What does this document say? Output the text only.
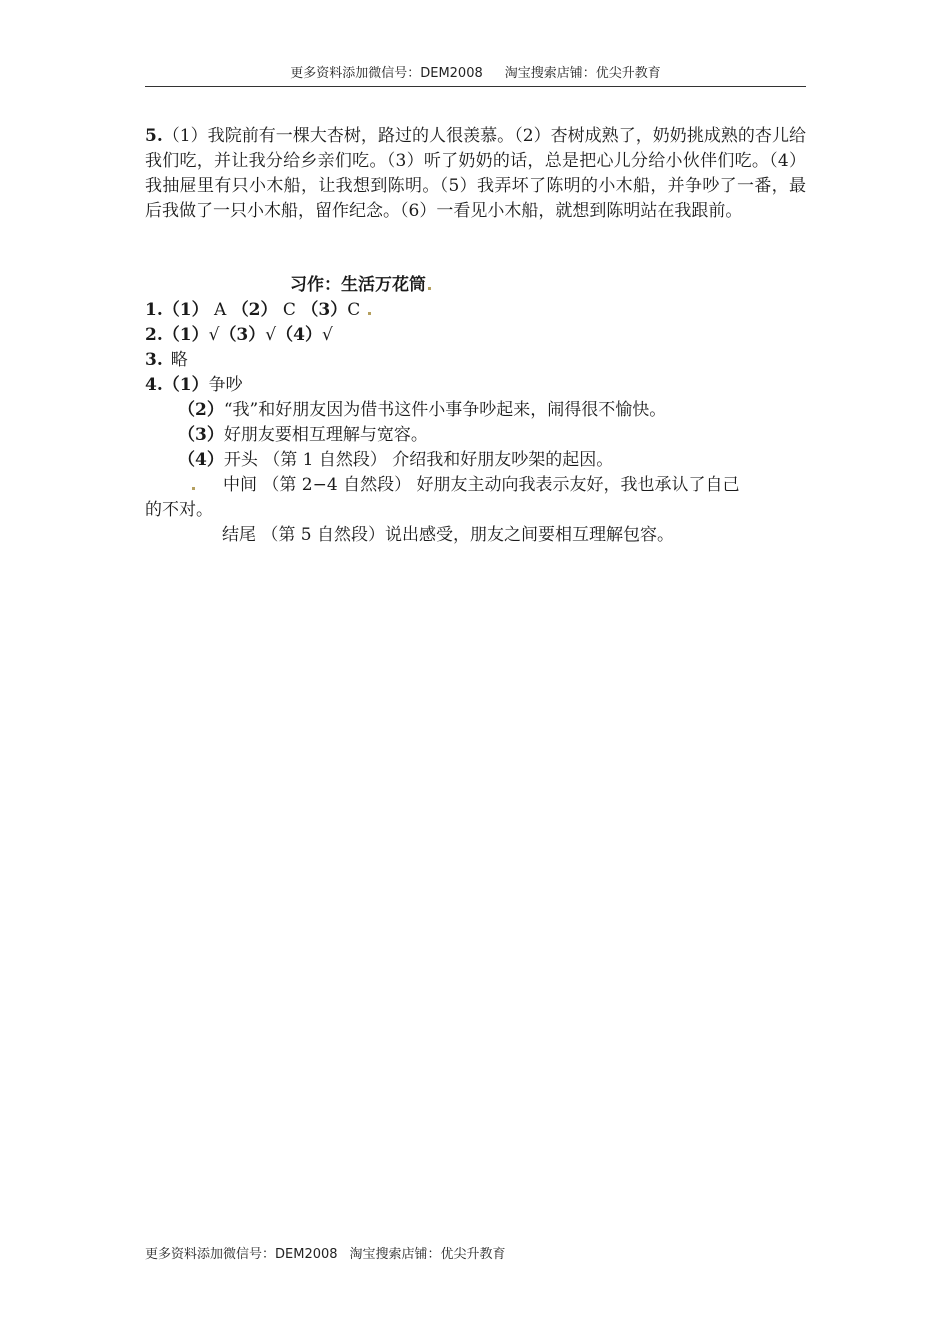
更多资料添加微信号：DEM2008 淘宝搜索店铺：优尖升教育
5.（1）我院前有一棵大杏树，路过的人很羡慕。（2）杏树成熟了，奶奶挑成熟的杏儿给我们吃，并让我分给乡亲们吃。（3）听了奶奶的话，总是把心儿分给小伙伴们吃。（4）我抽屉里有只小木船，让我想到陈明。（5）我弄坏了陈明的小木船，并争吵了一番，最后我做了一只小木船，留作纪念。（6）一看见小木船，就想到陈明站在我跟前。
习作：生活万花筒
1.（1） A （2） C （3）C
2.（1）√（3）√（4）√
3. 略
4.（1）争吵
（2）“我”和好朋友因为借书这件小事争吵起来，闹得很不愉快。
（3）好朋友要相互理解与宽容。
（4）开头 （第 1 自然段） 介绍我和好朋友吵架的起因。
中间 （第 2−4 自然段） 好朋友主动向我表示友好，我也承认了自己
的不对。
结尾 （第 5 自然段）说出感受，朋友之间要相互理解包容。
更多资料添加微信号：DEM2008 淘宝搜索店铺：优尖升教育
